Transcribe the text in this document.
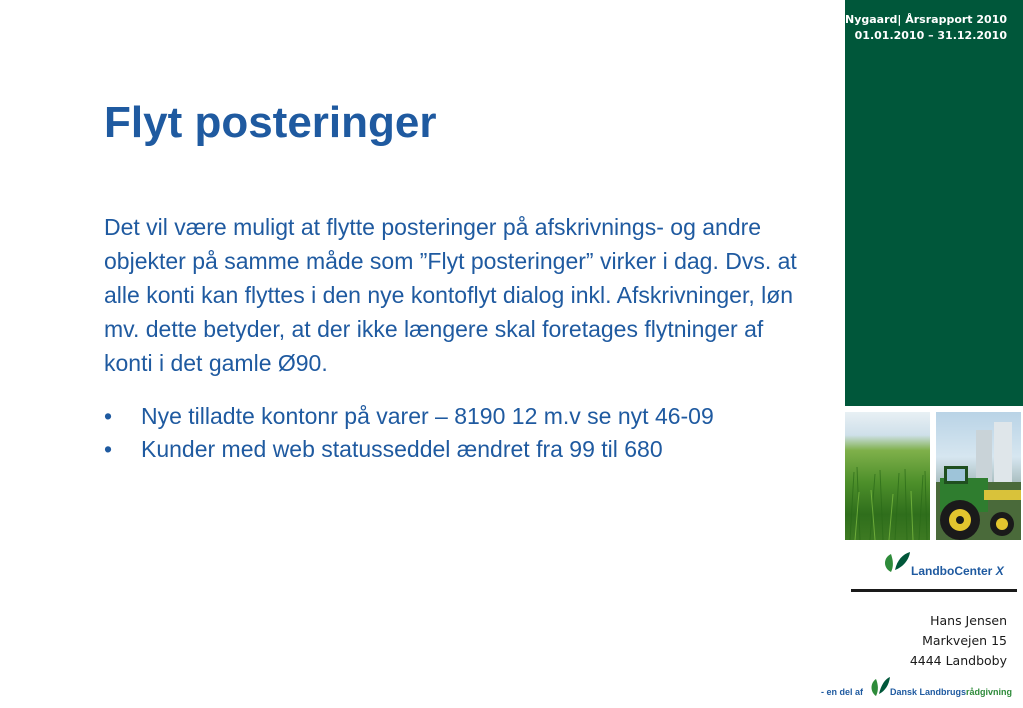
Flyt posteringer

Det vil være muligt at flytte posteringer på afskrivnings- og andre objekter på samme måde som ”Flyt posteringer” virker i dag. Dvs. at alle konti kan flyttes i den nye kontoflyt dialog inkl. Afskrivninger, løn mv. dette betyder, at der ikke længere skal foretages flytninger af konti i det gamle Ø90.

• Nye tilladte kontonr på varer – 8190 12 m.v se nyt 46-09
• Kunder med web statusseddel ændret fra 99 til 680
Nygaard| Årsrapport 2010
01.01.2010 – 31.12.2010
LandboCenter X
Hans Jensen
Markvejen 15
4444 Landboby
- en del af	Dansk Landbrugsrådgivning
